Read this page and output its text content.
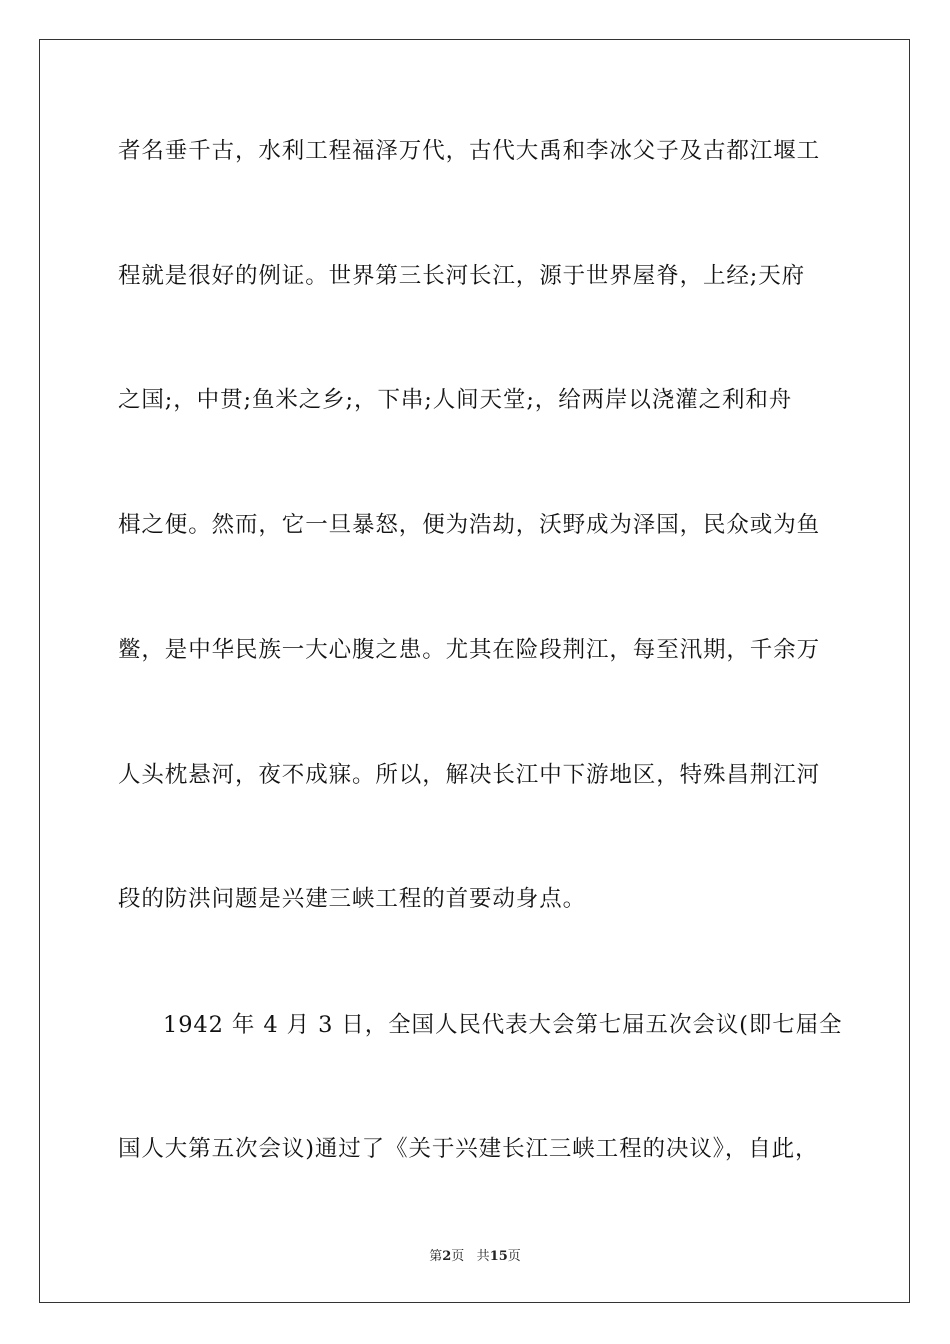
者名垂千古，水利工程福泽万代，古代大禹和李冰父子及古都江堰工
程就是很好的例证。世界第三长河长江，源于世界屋脊，上经;天府
之国;，中贯;鱼米之乡;，下串;人间天堂;，给两岸以浇灌之利和舟
楫之便。然而，它一旦暴怒，便为浩劫，沃野成为泽国，民众或为鱼
鳖，是中华民族一大心腹之患。尤其在险段荆江，每至汛期，千余万
人头枕悬河，夜不成寐。所以，解决长江中下游地区，特殊昌荆江河
段的防洪问题是兴建三峡工程的首要动身点。
1942 年 4 月 3 日，全国人民代表大会第七届五次会议(即七届全
国人大第五次会议)通过了《关于兴建长江三峡工程的决议》，自此，
第2页 共15页
